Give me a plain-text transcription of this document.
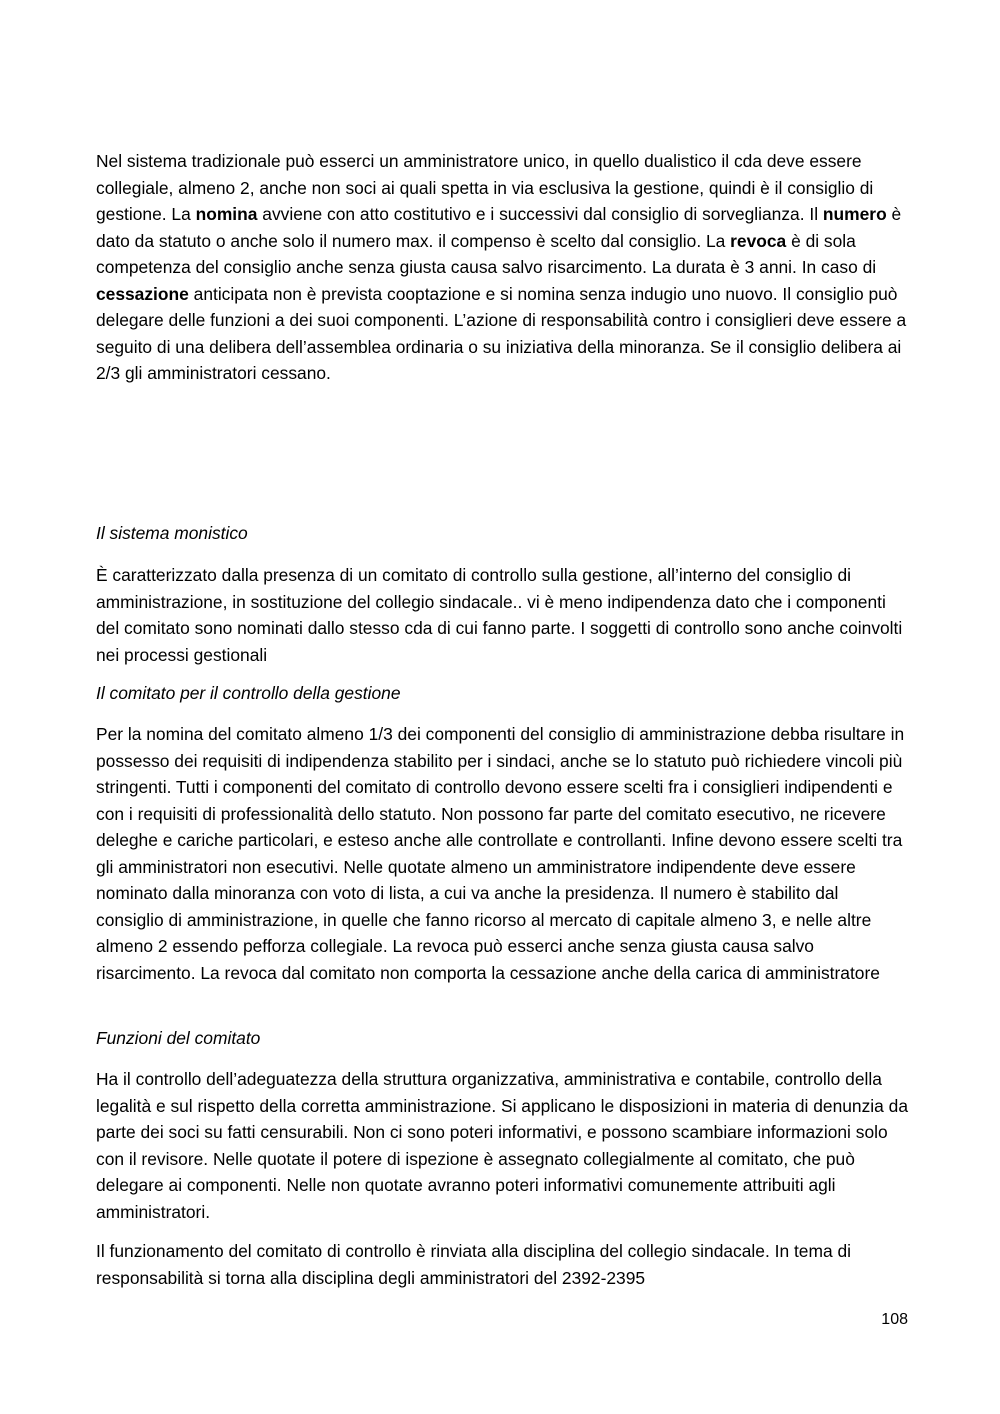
Nel sistema tradizionale può esserci un amministratore unico, in quello dualistico il cda deve essere collegiale, almeno 2, anche non soci ai quali spetta in via esclusiva la gestione, quindi è il consiglio di gestione. La nomina avviene con atto costitutivo e i successivi dal consiglio di sorveglianza. Il numero è dato da statuto o anche solo il numero max. il compenso è scelto dal consiglio. La revoca è di sola competenza del consiglio anche senza giusta causa salvo risarcimento. La durata è 3 anni. In caso di cessazione anticipata non è prevista cooptazione e si nomina senza indugio uno nuovo. Il consiglio può delegare delle funzioni a dei suoi componenti. L’azione di responsabilità contro i consiglieri deve essere a seguito di una delibera dell’assemblea ordinaria o su iniziativa della minoranza. Se il consiglio delibera ai 2/3 gli amministratori cessano.

Il sistema monistico

È caratterizzato dalla presenza di un comitato di controllo sulla gestione, all’interno del consiglio di amministrazione, in sostituzione del collegio sindacale.. vi è meno indipendenza dato che i componenti del comitato sono nominati dallo stesso cda di cui fanno parte. I soggetti di controllo sono anche coinvolti nei processi gestionali

Il comitato per il controllo della gestione

Per la nomina del comitato almeno 1/3 dei componenti del consiglio di amministrazione debba risultare in possesso dei requisiti di indipendenza stabilito per i sindaci, anche se lo statuto può richiedere vincoli più stringenti. Tutti i componenti del comitato di controllo devono essere scelti fra i consiglieri indipendenti e con i requisiti di professionalità dello statuto. Non possono far parte del comitato esecutivo, ne ricevere deleghe e cariche particolari, e esteso anche alle controllate e controllanti. Infine devono essere scelti tra gli amministratori non esecutivi. Nelle quotate almeno un amministratore indipendente deve essere nominato dalla minoranza con voto di lista, a cui va anche la presidenza. Il numero è stabilito dal consiglio di amministrazione, in quelle che fanno ricorso al mercato di capitale almeno 3, e nelle altre almeno 2 essendo pefforza collegiale. La revoca può esserci anche senza giusta causa salvo risarcimento. La revoca dal comitato non comporta la cessazione anche della carica di amministratore

Funzioni del comitato

Ha il controllo dell’adeguatezza della struttura organizzativa, amministrativa e contabile, controllo della legalità e sul rispetto della corretta amministrazione. Si applicano le disposizioni in materia di denunzia da parte dei soci su fatti censurabili. Non ci sono poteri informativi, e possono scambiare informazioni solo con il revisore. Nelle quotate il potere di ispezione è assegnato collegialmente al comitato, che può delegare ai componenti. Nelle non quotate avranno poteri informativi comunemente attribuiti agli amministratori.

Il funzionamento del comitato di controllo è rinviata alla disciplina del collegio sindacale. In tema di responsabilità si torna alla disciplina degli amministratori del 2392-2395

108
